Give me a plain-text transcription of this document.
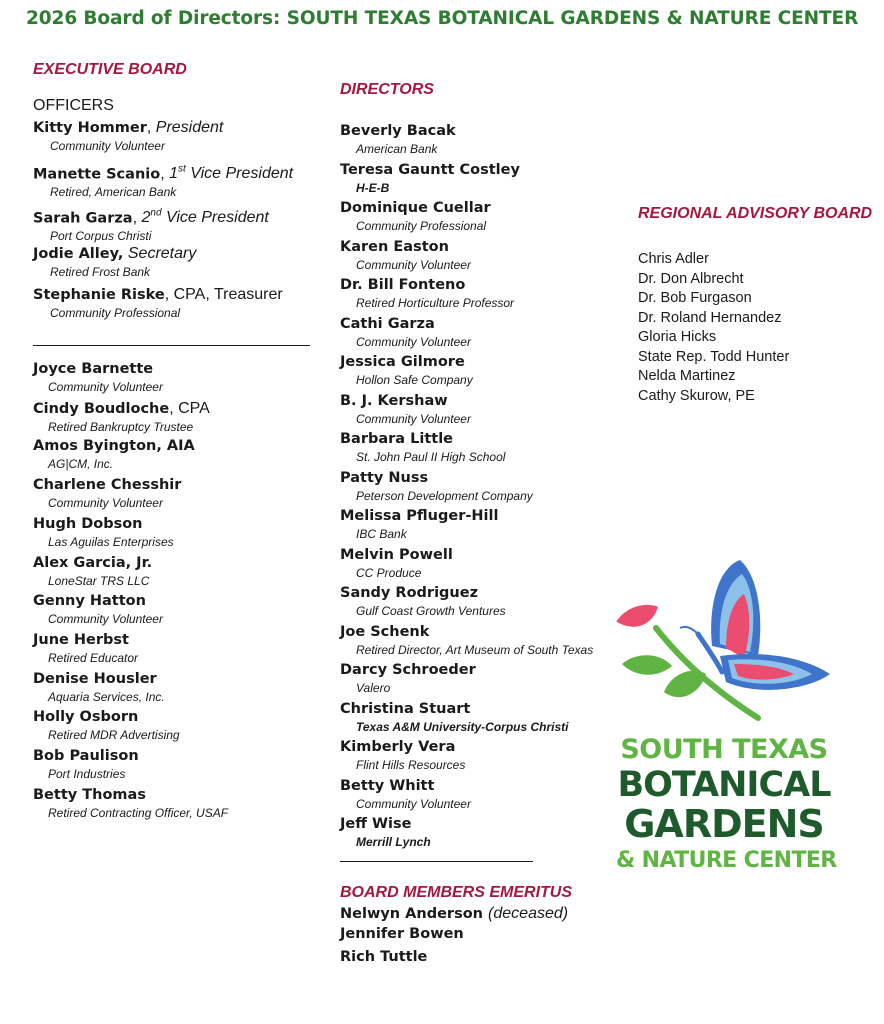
2026 Board of Directors: SOUTH TEXAS BOTANICAL GARDENS & NATURE CENTER
EXECUTIVE BOARD
OFFICERS
Kitty Hommer, President
Community Volunteer
Manette Scanio, 1st Vice President
Retired, American Bank
Sarah Garza, 2nd Vice President
Port Corpus Christi
Jodie Alley, Secretary
Retired Frost Bank
Stephanie Riske, CPA, Treasurer
Community Professional
Joyce Barnette
Community Volunteer
Cindy Boudloche, CPA
Retired Bankruptcy Trustee
Amos Byington, AIA
AG|CM, Inc.
Charlene Chesshir
Community Volunteer
Hugh Dobson
Las Aguilas Enterprises
Alex Garcia, Jr.
LoneStar TRS LLC
Genny Hatton
Community Volunteer
June Herbst
Retired Educator
Denise Housler
Aquaria Services, Inc.
Holly Osborn
Retired MDR Advertising
Bob Paulison
Port Industries
Betty Thomas
Retired Contracting Officer, USAF
DIRECTORS
Beverly Bacak
American Bank
Teresa Gauntt Costley
H-E-B
Dominique Cuellar
Community Professional
Karen Easton
Community Volunteer
Dr. Bill Fonteno
Retired Horticulture Professor
Cathi Garza
Community Volunteer
Jessica Gilmore
Hollon Safe Company
B. J. Kershaw
Community Volunteer
Barbara Little
St. John Paul II High School
Patty Nuss
Peterson Development Company
Melissa Pfluger-Hill
IBC Bank
Melvin Powell
CC Produce
Sandy Rodriguez
Gulf Coast Growth Ventures
Joe Schenk
Retired Director, Art Museum of South Texas
Darcy Schroeder
Valero
Christina Stuart
Texas A&M University-Corpus Christi
Kimberly Vera
Flint Hills Resources
Betty Whitt
Community Volunteer
Jeff Wise
Merrill Lynch
BOARD MEMBERS EMERITUS
Nelwyn Anderson (deceased)
Jennifer Bowen
Rich Tuttle
REGIONAL ADVISORY BOARD
Chris Adler
Dr. Don Albrecht
Dr. Bob Furgason
Dr. Roland Hernandez
Gloria Hicks
State Rep. Todd Hunter
Nelda Martinez
Cathy Skurow, PE
SOUTH TEXAS
BOTANICAL
GARDENS
& NATURE CENTER
